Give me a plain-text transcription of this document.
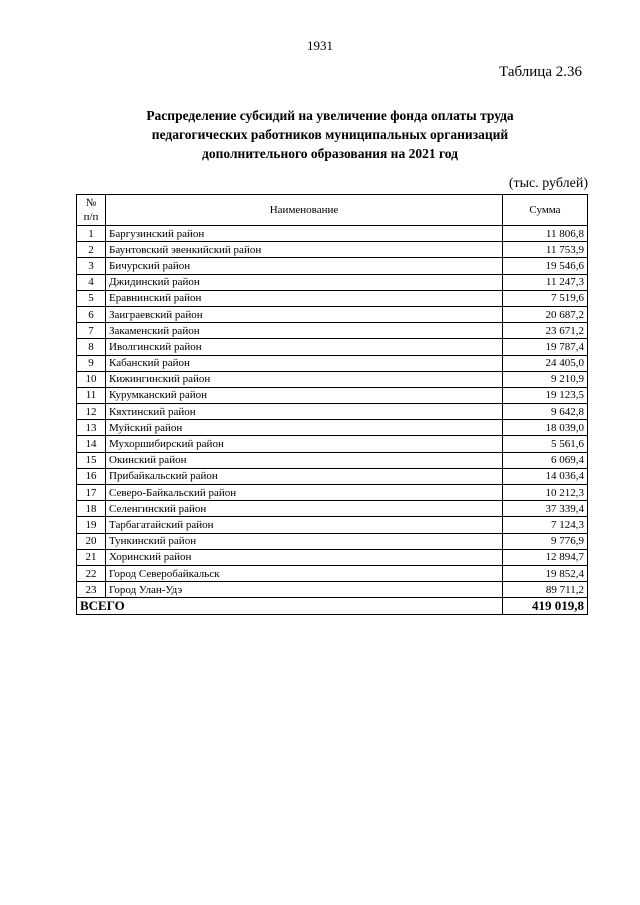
1931
Таблица 2.36
Распределение субсидий на увеличение фонда оплаты труда
педагогических работников муниципальных организаций
дополнительного образования на 2021 год
(тыс. рублей)
№
п/п	Наименование	Сумма
1	Баргузинский район	11 806,8
2	Баунтовский эвенкийский район	11 753,9
3	Бичурский район	19 546,6
4	Джидинский район	11 247,3
5	Еравнинский район	7 519,6
6	Заиграевский район	20 687,2
7	Закаменский район	23 671,2
8	Иволгинский район	19 787,4
9	Кабанский район	24 405,0
10	Кижингинский район	9 210,9
11	Курумканский район	19 123,5
12	Кяхтинский район	9 642,8
13	Муйский район	18 039,0
14	Мухоршибирский район	5 561,6
15	Окинский район	6 069,4
16	Прибайкальский район	14 036,4
17	Северо-Байкальский район	10 212,3
18	Селенгинский район	37 339,4
19	Тарбагатайский район	7 124,3
20	Тункинский район	9 776,9
21	Хоринский район	12 894,7
22	Город Северобайкальск	19 852,4
23	Город Улан-Удэ	89 711,2
ВСЕГО		419 019,8
